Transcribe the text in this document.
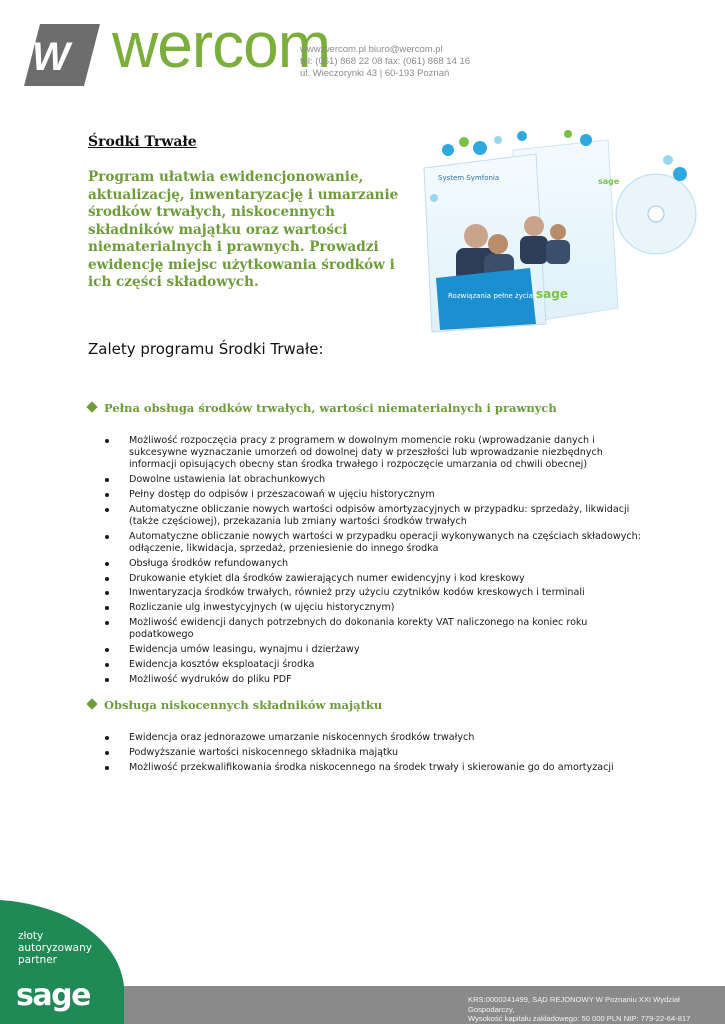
W wercom
www.wercom.pl biuro@wercom.pl
tel: (061) 868 22 08 fax: (061) 868 14 16
ul. Wieczorynki 43 | 60-193 Poznań
Środki Trwałe
Program ułatwia ewidencjonowanie, aktualizację, inwentaryzację i umarzanie środków trwałych, niskocennych składników majątku oraz wartości niematerialnych i prawnych. Prowadzi ewidencję miejsc użytkowania środków i ich części składowych.
Rozwiązania pełne życia
System Symfonia
sage
sage
Zalety programu Środki Trwałe:
Pełna obsługa środków trwałych, wartości niematerialnych i prawnych
Możliwość rozpoczęcia pracy z programem w dowolnym momencie roku (wprowadzanie danych i sukcesywne wyznaczanie umorzeń od dowolnej daty w przeszłości lub wprowadzanie niezbędnych informacji opisujących obecny stan środka trwałego i rozpoczęcie umarzania od chwili obecnej)
Dowolne ustawienia lat obrachunkowych
Pełny dostęp do odpisów i przeszacowań w ujęciu historycznym
Automatyczne obliczanie nowych wartości odpisów amortyzacyjnych w przypadku: sprzedaży, likwidacji (także częściowej), przekazania lub zmiany wartości środków trwałych
Automatyczne obliczanie nowych wartości w przypadku operacji wykonywanych na częściach składowych: odłączenie, likwidacja, sprzedaż, przeniesienie do innego środka
Obsługa środków refundowanych
Drukowanie etykiet dla środków zawierających numer ewidencyjny i kod kreskowy
Inwentaryzacja środków trwałych, również przy użyciu czytników kodów kreskowych i terminali
Rozliczanie ulg inwestycyjnych (w ujęciu historycznym)
Możliwość ewidencji danych potrzebnych do dokonania korekty VAT naliczonego na koniec roku podatkowego
Ewidencja umów leasingu, wynajmu i dzierżawy
Ewidencja kosztów eksploatacji środka
Możliwość wydruków do pliku PDF
Obsługa niskocennych składników majątku
Ewidencja oraz jednorazowe umarzanie niskocennych środków trwałych
Podwyższanie wartości niskocennego składnika majątku
Możliwość przekwalifikowania środka niskocennego na środek trwały i skierowanie go do amortyzacji
KRS:0000241499, SĄD REJONOWY W Poznaniu XXI Wydział Gospodarczy,
Wysokość kapitału zakładowego: 50 000 PLN NIP: 779-22-64-817
złoty
autoryzowany
partner
sage
